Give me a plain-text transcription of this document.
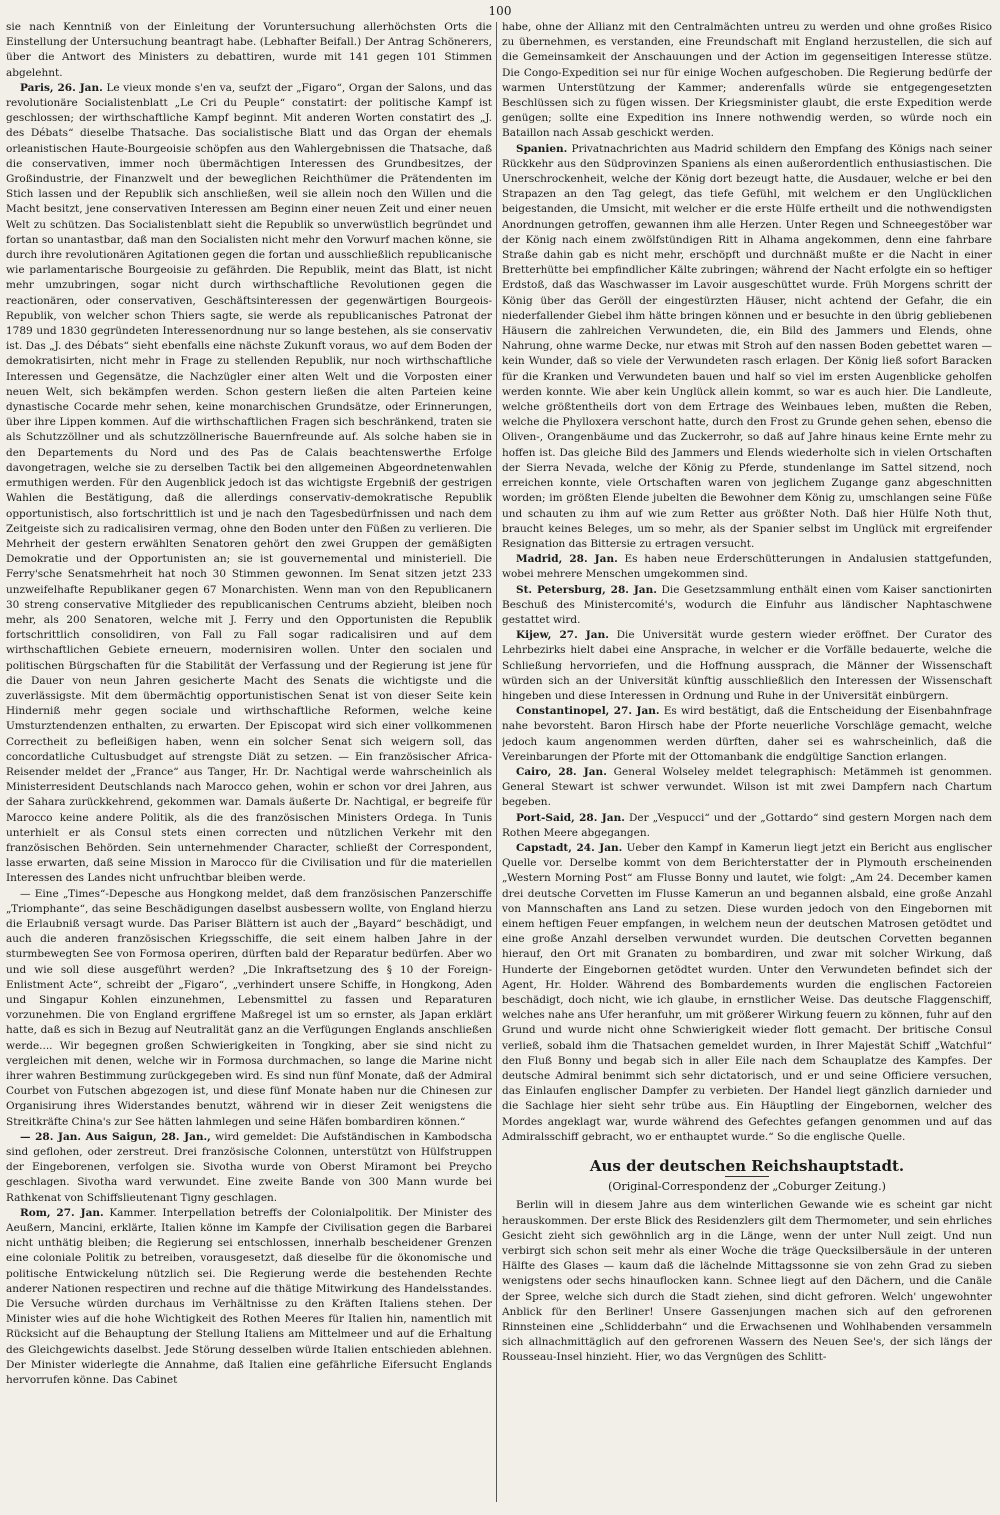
100

sie nach Kenntniß von der Einleitung der Voruntersuchung allerhöchsten Orts die Einstellung der Untersuchung beantragt habe. (Lebhafter Beifall.) Der Antrag Schönerers, über die Antwort des Ministers zu debattiren, wurde mit 141 gegen 101 Stimmen abgelehnt.

Paris, 26. Jan. Le vieux monde s'en va, seufzt der „Figaro“, Organ der Salons, und das revolutionäre Socialistenblatt „Le Cri du Peuple“ constatirt: der politische Kampf ist geschlossen; der wirthschaftliche Kampf beginnt. Mit anderen Worten constatirt des „J. des Débats“ dieselbe Thatsache. Das socialistische Blatt und das Organ der ehemals orleanistischen Haute-Bourgeoisie schöpfen aus den Wahlergebnissen die Thatsache, daß die conservativen, immer noch übermächtigen Interessen des Grundbesitzes, der Großindustrie, der Finanzwelt und der beweglichen Reichthümer die Prätendenten im Stich lassen und der Republik sich anschließen, weil sie allein noch den Willen und die Macht besitzt, jene conservativen Interessen am Beginn einer neuen Zeit und einer neuen Welt zu schützen. Das Socialistenblatt sieht die Republik so unverwüstlich begründet und fortan so unantastbar, daß man den Socialisten nicht mehr den Vorwurf machen könne, sie durch ihre revolutionären Agitationen gegen die fortan und ausschließlich republicanische wie parlamentarische Bourgeoisie zu gefährden. Die Republik, meint das Blatt, ist nicht mehr umzubringen, sogar nicht durch wirthschaftliche Revolutionen gegen die reactionären, oder conservativen, Geschäftsinteressen der gegenwärtigen Bourgeois-Republik, von welcher schon Thiers sagte, sie werde als republicanisches Patronat der 1789 und 1830 gegründeten Interessenordnung nur so lange bestehen, als sie conservativ ist. Das „J. des Débats“ sieht ebenfalls eine nächste Zukunft voraus, wo auf dem Boden der demokratisirten, nicht mehr in Frage zu stellenden Republik, nur noch wirthschaftliche Interessen und Gegensätze, die Nachzügler einer alten Welt und die Vorposten einer neuen Welt, sich bekämpfen werden. Schon gestern ließen die alten Parteien keine dynastische Cocarde mehr sehen, keine monarchischen Grundsätze, oder Erinnerungen, über ihre Lippen kommen. Auf die wirthschaftlichen Fragen sich beschränkend, traten sie als Schutzzöllner und als schutzzöllnerische Bauernfreunde auf. Als solche haben sie in den Departements du Nord und des Pas de Calais beachtenswerthe Erfolge davongetragen, welche sie zu derselben Tactik bei den allgemeinen Abgeordnetenwahlen ermuthigen werden. Für den Augenblick jedoch ist das wichtigste Ergebniß der gestrigen Wahlen die Bestätigung, daß die allerdings conservativ-demokratische Republik opportunistisch, also fortschrittlich ist und je nach den Tagesbedürfnissen und nach dem Zeitgeiste sich zu radicalisiren vermag, ohne den Boden unter den Füßen zu verlieren. Die Mehrheit der gestern erwählten Senatoren gehört den zwei Gruppen der gemäßigten Demokratie und der Opportunisten an; sie ist gouvernemental und ministeriell. Die Ferry'sche Senatsmehrheit hat noch 30 Stimmen gewonnen. Im Senat sitzen jetzt 233 unzweifelhafte Republikaner gegen 67 Monarchisten. Wenn man von den Republicanern 30 streng conservative Mitglieder des republicanischen Centrums abzieht, bleiben noch mehr, als 200 Senatoren, welche mit J. Ferry und den Opportunisten die Republik fortschrittlich consolidiren, von Fall zu Fall sogar radicalisiren und auf dem wirthschaftlichen Gebiete erneuern, modernisiren wollen. Unter den socialen und politischen Bürgschaften für die Stabilität der Verfassung und der Regierung ist jene für die Dauer von neun Jahren gesicherte Macht des Senats die wichtigste und die zuverlässigste. Mit dem übermächtig opportunistischen Senat ist von dieser Seite kein Hinderniß mehr gegen sociale und wirthschaftliche Reformen, welche keine Umsturztendenzen enthalten, zu erwarten. Der Episcopat wird sich einer vollkommenen Correctheit zu befleißigen haben, wenn ein solcher Senat sich weigern soll, das concordatliche Cultusbudget auf strengste Diät zu setzen. — Ein französischer Africa-Reisender meldet der „France“ aus Tanger, Hr. Dr. Nachtigal werde wahrscheinlich als Ministerresident Deutschlands nach Marocco gehen, wohin er schon vor drei Jahren, aus der Sahara zurückkehrend, gekommen war. Damals äußerte Dr. Nachtigal, er begreife für Marocco keine andere Politik, als die des französischen Ministers Ordega. In Tunis unterhielt er als Consul stets einen correcten und nützlichen Verkehr mit den französischen Behörden. Sein unternehmender Character, schließt der Correspondent, lasse erwarten, daß seine Mission in Marocco für die Civilisation und für die materiellen Interessen des Landes nicht unfruchtbar bleiben werde.

— Eine „Times“-Depesche aus Hongkong meldet, daß dem französischen Panzerschiffe „Triomphante“, das seine Beschädigungen daselbst ausbessern wollte, von England hierzu die Erlaubniß versagt wurde. Das Pariser Blättern ist auch der „Bayard“ beschädigt, und auch die anderen französischen Kriegsschiffe, die seit einem halben Jahre in der sturmbewegten See von Formosa operiren, dürften bald der Reparatur bedürfen. Aber wo und wie soll diese ausgeführt werden? „Die Inkraftsetzung des § 10 der Foreign-Enlistment Acte“, schreibt der „Figaro“, „verhindert unsere Schiffe, in Hongkong, Aden und Singapur Kohlen einzunehmen, Lebensmittel zu fassen und Reparaturen vorzunehmen. Die von England ergriffene Maßregel ist um so ernster, als Japan erklärt hatte, daß es sich in Bezug auf Neutralität ganz an die Verfügungen Englands anschließen werde.... Wir begegnen großen Schwierigkeiten in Tongking, aber sie sind nicht zu vergleichen mit denen, welche wir in Formosa durchmachen, so lange die Marine nicht ihrer wahren Bestimmung zurückgegeben wird. Es sind nun fünf Monate, daß der Admiral Courbet von Futschen abgezogen ist, und diese fünf Monate haben nur die Chinesen zur Organisirung ihres Widerstandes benutzt, während wir in dieser Zeit wenigstens die Streitkräfte China's zur See hätten lahmlegen und seine Häfen bombardiren können.“

— 28. Jan. Aus Saigun, 28. Jan., wird gemeldet: Die Aufständischen in Kambodscha sind geflohen, oder zerstreut. Drei französische Colonnen, unterstützt von Hülfstruppen der Eingeborenen, verfolgen sie. Sivotha wurde von Oberst Miramont bei Preycho geschlagen. Sivotha ward verwundet. Eine zweite Bande von 300 Mann wurde bei Rathkenat von Schiffslieutenant Tigny geschlagen.

Rom, 27. Jan. Kammer. Interpellation betreffs der Colonialpolitik. Der Minister des Aeußern, Mancini, erklärte, Italien könne im Kampfe der Civilisation gegen die Barbarei nicht unthätig bleiben; die Regierung sei entschlossen, innerhalb bescheidener Grenzen eine coloniale Politik zu betreiben, vorausgesetzt, daß dieselbe für die ökonomische und politische Entwickelung nützlich sei. Die Regierung werde die bestehenden Rechte anderer Nationen respectiren und rechne auf die thätige Mitwirkung des Handelsstandes. Die Versuche würden durchaus im Verhältnisse zu den Kräften Italiens stehen. Der Minister wies auf die hohe Wichtigkeit des Rothen Meeres für Italien hin, namentlich mit Rücksicht auf die Behauptung der Stellung Italiens am Mittelmeer und auf die Erhaltung des Gleichgewichts daselbst. Jede Störung desselben würde Italien entschieden ablehnen. Der Minister widerlegte die Annahme, daß Italien eine gefährliche Eifersucht Englands hervorrufen könne. Das Cabinet

habe, ohne der Allianz mit den Centralmächten untreu zu werden und ohne großes Risico zu übernehmen, es verstanden, eine Freundschaft mit England herzustellen, die sich auf die Gemeinsamkeit der Anschauungen und der Action im gegenseitigen Interesse stütze. Die Congo-Expedition sei nur für einige Wochen aufgeschoben. Die Regierung bedürfe der warmen Unterstützung der Kammer; anderenfalls würde sie entgegengesetzten Beschlüssen sich zu fügen wissen. Der Kriegsminister glaubt, die erste Expedition werde genügen; sollte eine Expedition ins Innere nothwendig werden, so würde noch ein Bataillon nach Assab geschickt werden.

Spanien. Privatnachrichten aus Madrid schildern den Empfang des Königs nach seiner Rückkehr aus den Südprovinzen Spaniens als einen außerordentlich enthusiastischen. Die Unerschrockenheit, welche der König dort bezeugt hatte, die Ausdauer, welche er bei den Strapazen an den Tag gelegt, das tiefe Gefühl, mit welchem er den Unglücklichen beigestanden, die Umsicht, mit welcher er die erste Hülfe ertheilt und die nothwendigsten Anordnungen getroffen, gewannen ihm alle Herzen. Unter Regen und Schneegestöber war der König nach einem zwölfstündigen Ritt in Alhama angekommen, denn eine fahrbare Straße dahin gab es nicht mehr, erschöpft und durchnäßt mußte er die Nacht in einer Bretterhütte bei empfindlicher Kälte zubringen; während der Nacht erfolgte ein so heftiger Erdstoß, daß das Waschwasser im Lavoir ausgeschüttet wurde. Früh Morgens schritt der König über das Geröll der eingestürzten Häuser, nicht achtend der Gefahr, die ein niederfallender Giebel ihm hätte bringen können und er besuchte in den übrig gebliebenen Häusern die zahlreichen Verwundeten, die, ein Bild des Jammers und Elends, ohne Nahrung, ohne warme Decke, nur etwas mit Stroh auf den nassen Boden gebettet waren — kein Wunder, daß so viele der Verwundeten rasch erlagen. Der König ließ sofort Baracken für die Kranken und Verwundeten bauen und half so viel im ersten Augenblicke geholfen werden konnte. Wie aber kein Unglück allein kommt, so war es auch hier. Die Landleute, welche größtentheils dort von dem Ertrage des Weinbaues leben, mußten die Reben, welche die Phylloxera verschont hatte, durch den Frost zu Grunde gehen sehen, ebenso die Oliven-, Orangenbäume und das Zuckerrohr, so daß auf Jahre hinaus keine Ernte mehr zu hoffen ist. Das gleiche Bild des Jammers und Elends wiederholte sich in vielen Ortschaften der Sierra Nevada, welche der König zu Pferde, stundenlange im Sattel sitzend, noch erreichen konnte, viele Ortschaften waren von jeglichem Zugange ganz abgeschnitten worden; im größten Elende jubelten die Bewohner dem König zu, umschlangen seine Füße und schauten zu ihm auf wie zum Retter aus größter Noth. Daß hier Hülfe Noth thut, braucht keines Beleges, um so mehr, als der Spanier selbst im Unglück mit ergreifender Resignation das Bittersie zu ertragen versucht.

Madrid, 28. Jan. Es haben neue Erderschütterungen in Andalusien stattgefunden, wobei mehrere Menschen umgekommen sind.

St. Petersburg, 28. Jan. Die Gesetzsammlung enthält einen vom Kaiser sanctionirten Beschuß des Ministercomité's, wodurch die Einfuhr aus ländischer Naphtaschwene gestattet wird.

Kijew, 27. Jan. Die Universität wurde gestern wieder eröffnet. Der Curator des Lehrbezirks hielt dabei eine Ansprache, in welcher er die Vorfälle bedauerte, welche die Schließung hervorriefen, und die Hoffnung aussprach, die Männer der Wissenschaft würden sich an der Universität künftig ausschließlich den Interessen der Wissenschaft hingeben und diese Interessen in Ordnung und Ruhe in der Universität einbürgern.

Constantinopel, 27. Jan. Es wird bestätigt, daß die Entscheidung der Eisenbahnfrage nahe bevorsteht. Baron Hirsch habe der Pforte neuerliche Vorschläge gemacht, welche jedoch kaum angenommen werden dürften, daher sei es wahrscheinlich, daß die Vereinbarungen der Pforte mit der Ottomanbank die endgültige Sanction erlangen.

Cairo, 28. Jan. General Wolseley meldet telegraphisch: Metämmeh ist genommen. General Stewart ist schwer verwundet. Wilson ist mit zwei Dampfern nach Chartum begeben.

Port-Said, 28. Jan. Der „Vespucci“ und der „Gottardo“ sind gestern Morgen nach dem Rothen Meere abgegangen.

Capstadt, 24. Jan. Ueber den Kampf in Kamerun liegt jetzt ein Bericht aus englischer Quelle vor. Derselbe kommt von dem Berichterstatter der in Plymouth erscheinenden „Western Morning Post“ am Flusse Bonny und lautet, wie folgt: „Am 24. December kamen drei deutsche Corvetten im Flusse Kamerun an und begannen alsbald, eine große Anzahl von Mannschaften ans Land zu setzen. Diese wurden jedoch von den Eingebornen mit einem heftigen Feuer empfangen, in welchem neun der deutschen Matrosen getödtet und eine große Anzahl derselben verwundet wurden. Die deutschen Corvetten begannen hierauf, den Ort mit Granaten zu bombardiren, und zwar mit solcher Wirkung, daß Hunderte der Eingebornen getödtet wurden. Unter den Verwundeten befindet sich der Agent, Hr. Holder. Während des Bombardements wurden die englischen Factoreien beschädigt, doch nicht, wie ich glaube, in ernstlicher Weise. Das deutsche Flaggenschiff, welches nahe ans Ufer heranfuhr, um mit größerer Wirkung feuern zu können, fuhr auf den Grund und wurde nicht ohne Schwierigkeit wieder flott gemacht. Der britische Consul verließ, sobald ihm die Thatsachen gemeldet wurden, in Ihrer Majestät Schiff „Watchful“ den Fluß Bonny und begab sich in aller Eile nach dem Schauplatze des Kampfes. Der deutsche Admiral benimmt sich sehr dictatorisch, und er und seine Officiere versuchen, das Einlaufen englischer Dampfer zu verbieten. Der Handel liegt gänzlich darnieder und die Sachlage hier sieht sehr trübe aus. Ein Häuptling der Eingebornen, welcher des Mordes angeklagt war, wurde während des Gefechtes gefangen genommen und auf das Admiralsschiff gebracht, wo er enthauptet wurde.“ So die englische Quelle.

Aus der deutschen Reichshauptstadt.
(Original-Correspondenz der „Coburger Zeitung.)

Berlin will in diesem Jahre aus dem winterlichen Gewande wie es scheint gar nicht herauskommen. Der erste Blick des Residenzlers gilt dem Thermometer, und sein ehrliches Gesicht zieht sich gewöhnlich arg in die Länge, wenn der unter Null zeigt. Und nun verbirgt sich schon seit mehr als einer Woche die träge Quecksilbersäule in der unteren Hälfte des Glases — kaum daß die lächelnde Mittagssonne sie von zehn Grad zu sieben wenigstens oder sechs hinauflocken kann. Schnee liegt auf den Dächern, und die Canäle der Spree, welche sich durch die Stadt ziehen, sind dicht gefroren. Welch' ungewohnter Anblick für den Berliner! Unsere Gassenjungen machen sich auf den gefrorenen Rinnsteinen eine „Schlidderbahn“ und die Erwachsenen und Wohlhabenden versammeln sich allnachmittäglich auf den gefrorenen Wassern des Neuen See's, der sich längs der Rousseau-Insel hinzieht. Hier, wo das Vergnügen des Schlitt-
